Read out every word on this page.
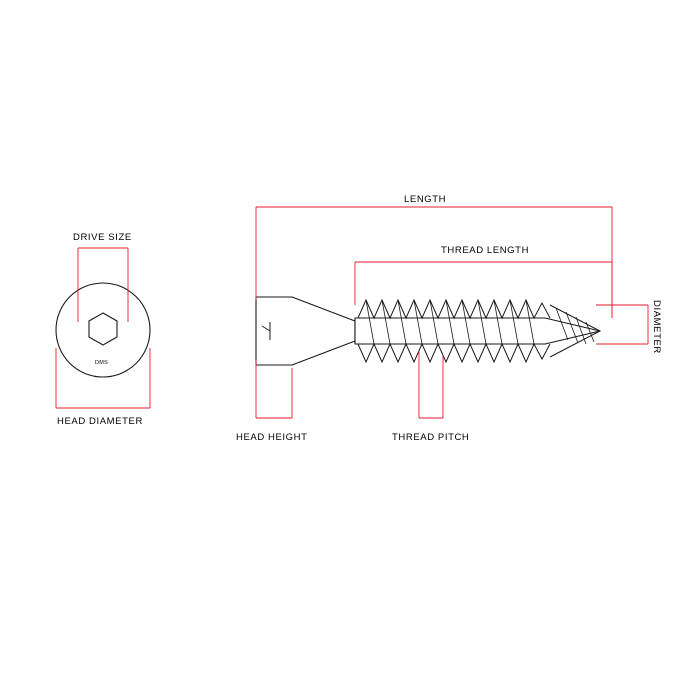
DRIVE SIZE
HEAD DIAMETER
DMS
LENGTH
THREAD LENGTH
DIAMETER
HEAD HEIGHT	THREAD PITCH
